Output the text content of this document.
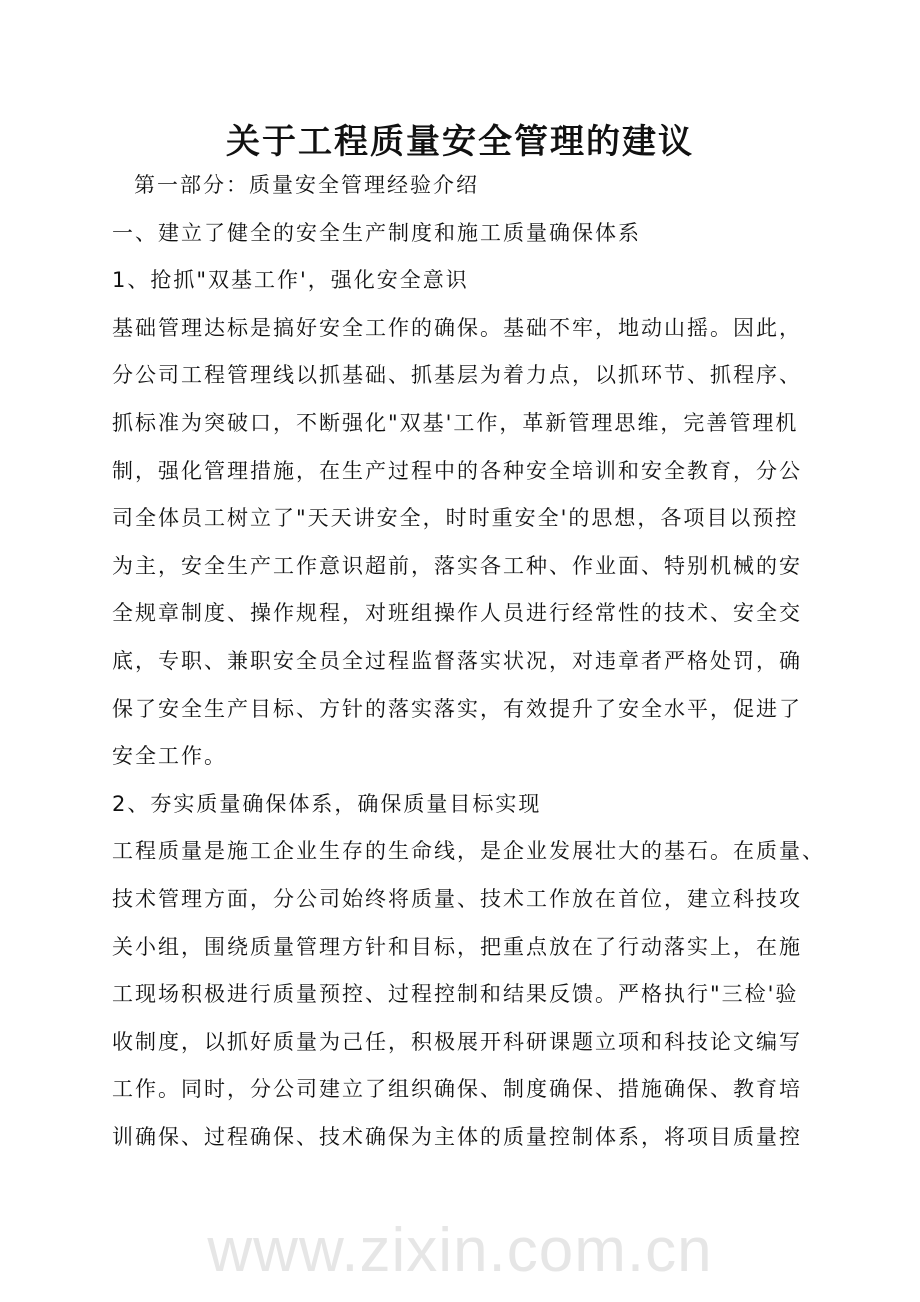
关于工程质量安全管理的建议
第一部分：质量安全管理经验介绍
一、建立了健全的安全生产制度和施工质量确保体系
1、抢抓"双基工作'，强化安全意识
基础管理达标是搞好安全工作的确保。基础不牢，地动山摇。因此，
分公司工程管理线以抓基础、抓基层为着力点，以抓环节、抓程序、
抓标准为突破口，不断强化"双基'工作，革新管理思维，完善管理机
制，强化管理措施，在生产过程中的各种安全培训和安全教育，分公
司全体员工树立了"天天讲安全，时时重安全'的思想，各项目以预控
为主，安全生产工作意识超前，落实各工种、作业面、特别机械的安
全规章制度、操作规程，对班组操作人员进行经常性的技术、安全交
底，专职、兼职安全员全过程监督落实状况，对违章者严格处罚，确
保了安全生产目标、方针的落实落实，有效提升了安全水平，促进了
安全工作。
2、夯实质量确保体系，确保质量目标实现
工程质量是施工企业生存的生命线，是企业发展壮大的基石。在质量、
技术管理方面，分公司始终将质量、技术工作放在首位，建立科技攻
关小组，围绕质量管理方针和目标，把重点放在了行动落实上，在施
工现场积极进行质量预控、过程控制和结果反馈。严格执行"三检'验
收制度，以抓好质量为己任，积极展开科研课题立项和科技论文编写
工作。同时，分公司建立了组织确保、制度确保、措施确保、教育培
训确保、过程确保、技术确保为主体的质量控制体系，将项目质量控
www.zixin.com.cn
